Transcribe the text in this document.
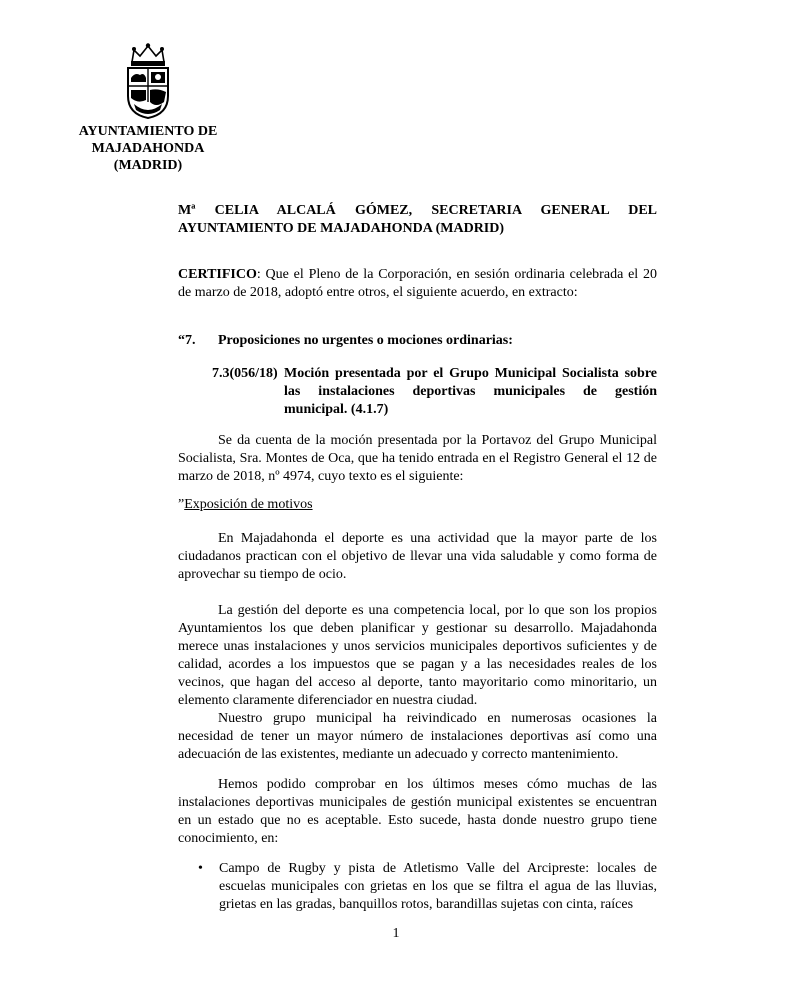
AYUNTAMIENTO DE
MAJADAHONDA
(MADRID)
Mª CELIA ALCALÁ GÓMEZ, SECRETARIA GENERAL DEL
AYUNTAMIENTO DE MAJADAHONDA (MADRID)
CERTIFICO: Que el Pleno de la Corporación, en sesión ordinaria celebrada el 20 de marzo de 2018, adoptó entre otros, el siguiente acuerdo, en extracto:
“7. Proposiciones no urgentes o mociones ordinarias:
7.3(056/18) Moción presentada por el Grupo Municipal Socialista sobre
las instalaciones deportivas municipales de gestión
municipal. (4.1.7)
Se da cuenta de la moción presentada por la Portavoz del Grupo Municipal Socialista, Sra. Montes de Oca, que ha tenido entrada en el Registro General el 12 de marzo de 2018, nº 4974, cuyo texto es el siguiente:
”Exposición de motivos
En Majadahonda el deporte es una actividad que la mayor parte de los ciudadanos practican con el objetivo de llevar una vida saludable y como forma de aprovechar su tiempo de ocio.
La gestión del deporte es una competencia local, por lo que son los propios Ayuntamientos los que deben planificar y gestionar su desarrollo. Majadahonda merece unas instalaciones y unos servicios municipales deportivos suficientes y de calidad, acordes a los impuestos que se pagan y a las necesidades reales de los vecinos, que hagan del acceso al deporte, tanto mayoritario como minoritario, un elemento claramente diferenciador en nuestra ciudad.
Nuestro grupo municipal ha reivindicado en numerosas ocasiones la necesidad de tener un mayor número de instalaciones deportivas así como una adecuación de las existentes, mediante un adecuado y correcto mantenimiento.
Hemos podido comprobar en los últimos meses cómo muchas de las instalaciones deportivas municipales de gestión municipal existentes se encuentran en un estado que no es aceptable. Esto sucede, hasta donde nuestro grupo tiene conocimiento, en:
• Campo de Rugby y pista de Atletismo Valle del Arcipreste: locales de escuelas municipales con grietas en los que se filtra el agua de las lluvias, grietas en las gradas, banquillos rotos, barandillas sujetas con cinta, raíces
1
